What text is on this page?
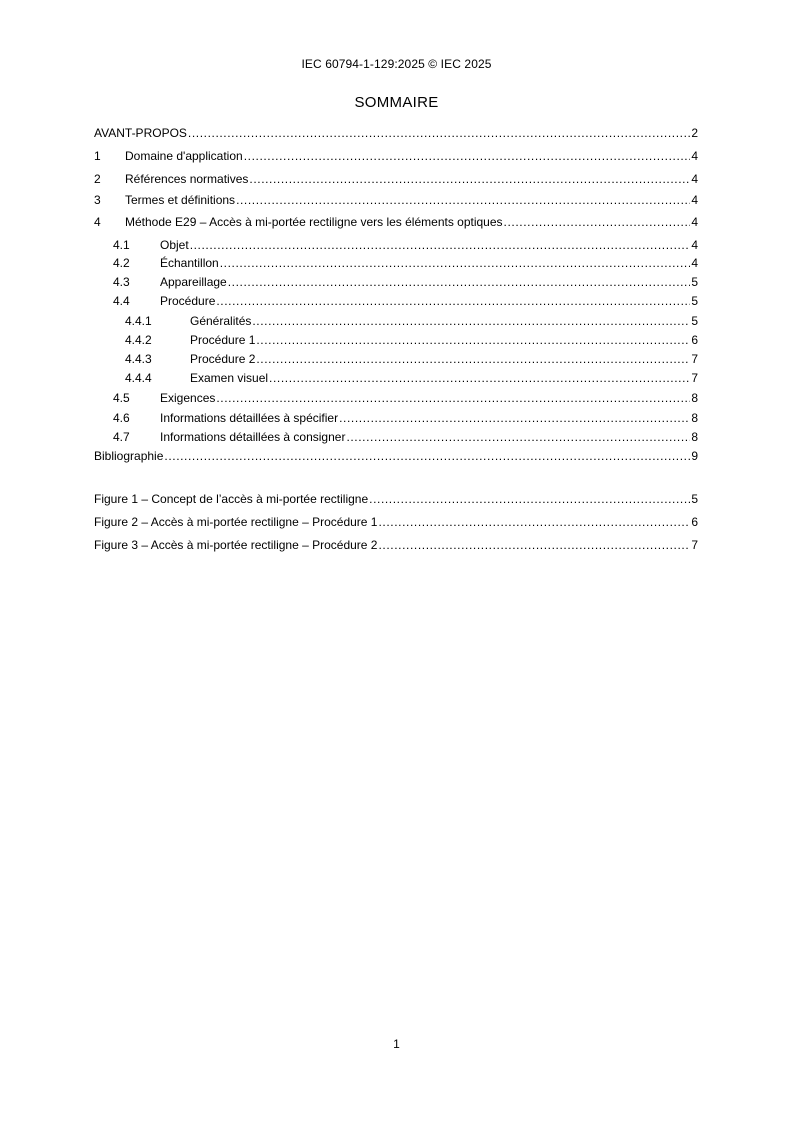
IEC 60794-1-129:2025 © IEC 2025
SOMMAIRE
AVANT-PROPOS .....	2
1	Domaine d'application .....	4
2	Références normatives .....	4
3	Termes et définitions .....	4
4	Méthode E29 – Accès à mi-portée rectiligne vers les éléments optiques .....	4
4.1	Objet .....	4
4.2	Échantillon .....	4
4.3	Appareillage .....	5
4.4	Procédure .....	5
4.4.1	Généralités .....	5
4.4.2	Procédure 1 .....	6
4.4.3	Procédure 2 .....	7
4.4.4	Examen visuel .....	7
4.5	Exigences .....	8
4.6	Informations détaillées à spécifier .....	8
4.7	Informations détaillées à consigner .....	8
Bibliographie .....	9
Figure 1 – Concept de l’accès à mi-portée rectiligne .....	5
Figure 2 – Accès à mi-portée rectiligne – Procédure 1 .....	6
Figure 3 – Accès à mi-portée rectiligne – Procédure 2 .....	7
1
